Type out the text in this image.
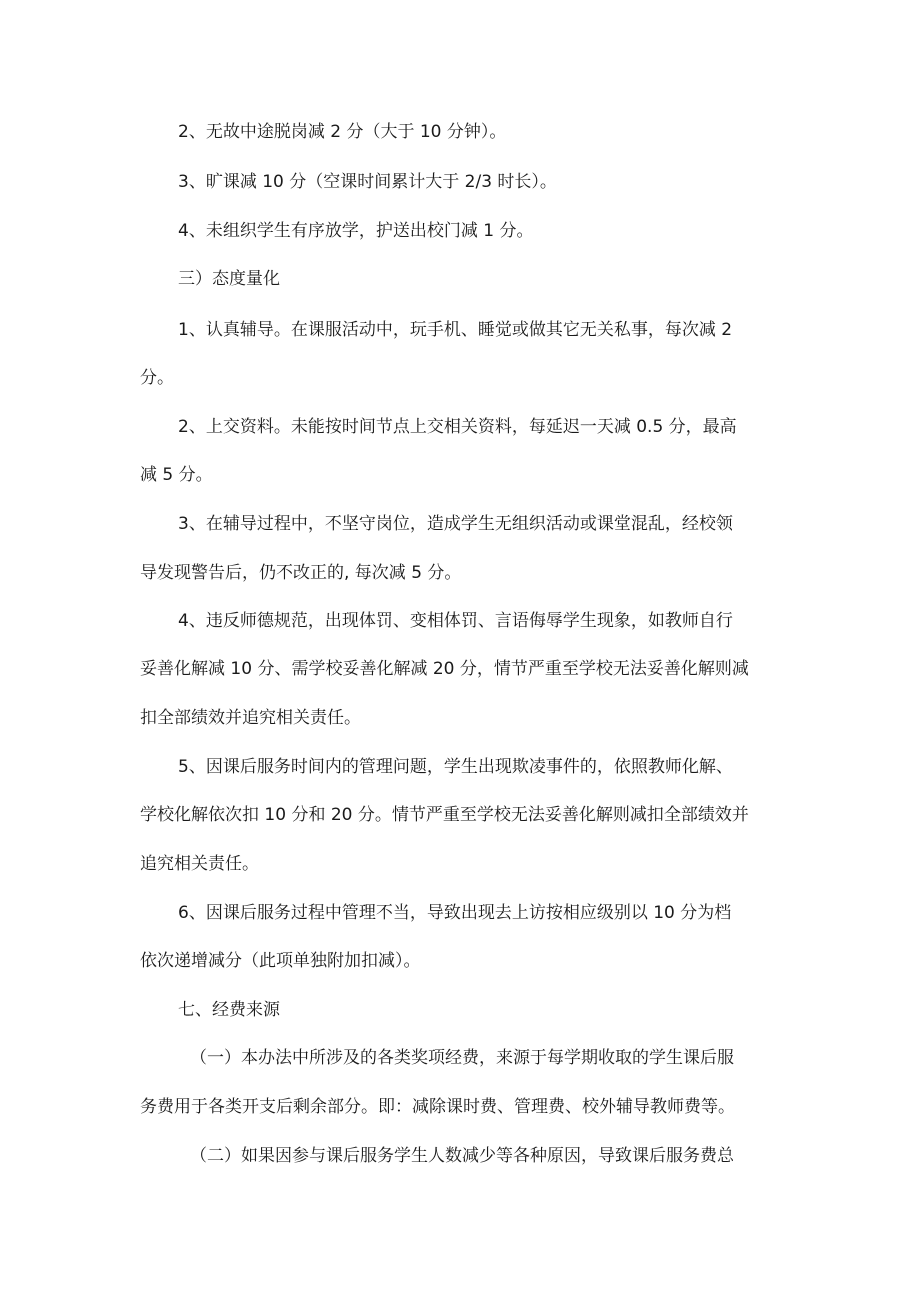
2、无故中途脱岗减 2 分（大于 10 分钟）。
3、旷课减 10 分（空课时间累计大于 2/3 时长）。
4、未组织学生有序放学，护送出校门减 1 分。
三）态度量化
1、认真辅导。在课服活动中，玩手机、睡觉或做其它无关私事，每次减 2
分。
2、上交资料。未能按时间节点上交相关资料，每延迟一天减 0.5 分，最高
减 5 分。
3、在辅导过程中，不坚守岗位，造成学生无组织活动或课堂混乱，经校领
导发现警告后，仍不改正的, 每次减 5 分。
4、违反师德规范，出现体罚、变相体罚、言语侮辱学生现象，如教师自行
妥善化解减 10 分、需学校妥善化解减 20 分，情节严重至学校无法妥善化解则减
扣全部绩效并追究相关责任。
5、因课后服务时间内的管理问题，学生出现欺凌事件的，依照教师化解、
学校化解依次扣 10 分和 20 分。情节严重至学校无法妥善化解则减扣全部绩效并
追究相关责任。
6、因课后服务过程中管理不当，导致出现去上访按相应级别以 10 分为档
依次递增减分（此项单独附加扣减）。
七、经费来源
（一）本办法中所涉及的各类奖项经费，来源于每学期收取的学生课后服
务费用于各类开支后剩余部分。即：减除课时费、管理费、校外辅导教师费等。
（二）如果因参与课后服务学生人数减少等各种原因，导致课后服务费总
